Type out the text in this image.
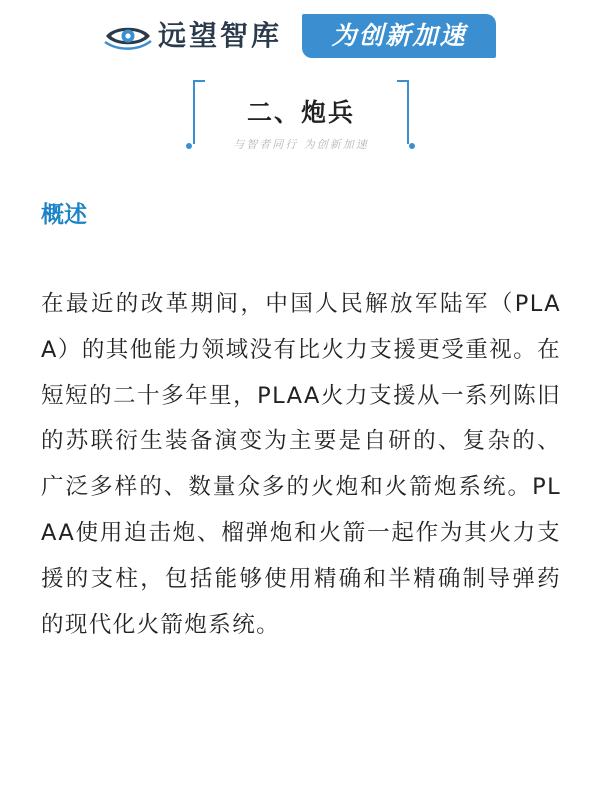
远望智库	为创新加速
二、炮兵
与智者同行 为创新加速
概述

在最近的改革期间，中国人民解放军陆军（PLAA）的其他能力领域没有比火力支援更受重视。在短短的二十多年里，PLAA火力支援从一系列陈旧的苏联衍生装备演变为主要是自研的、复杂的、广泛多样的、数量众多的火炮和火箭炮系统。PLAA使用迫击炮、榴弹炮和火箭一起作为其火力支援的支柱，包括能够使用精确和半精确制导弹药的现代化火箭炮系统。
